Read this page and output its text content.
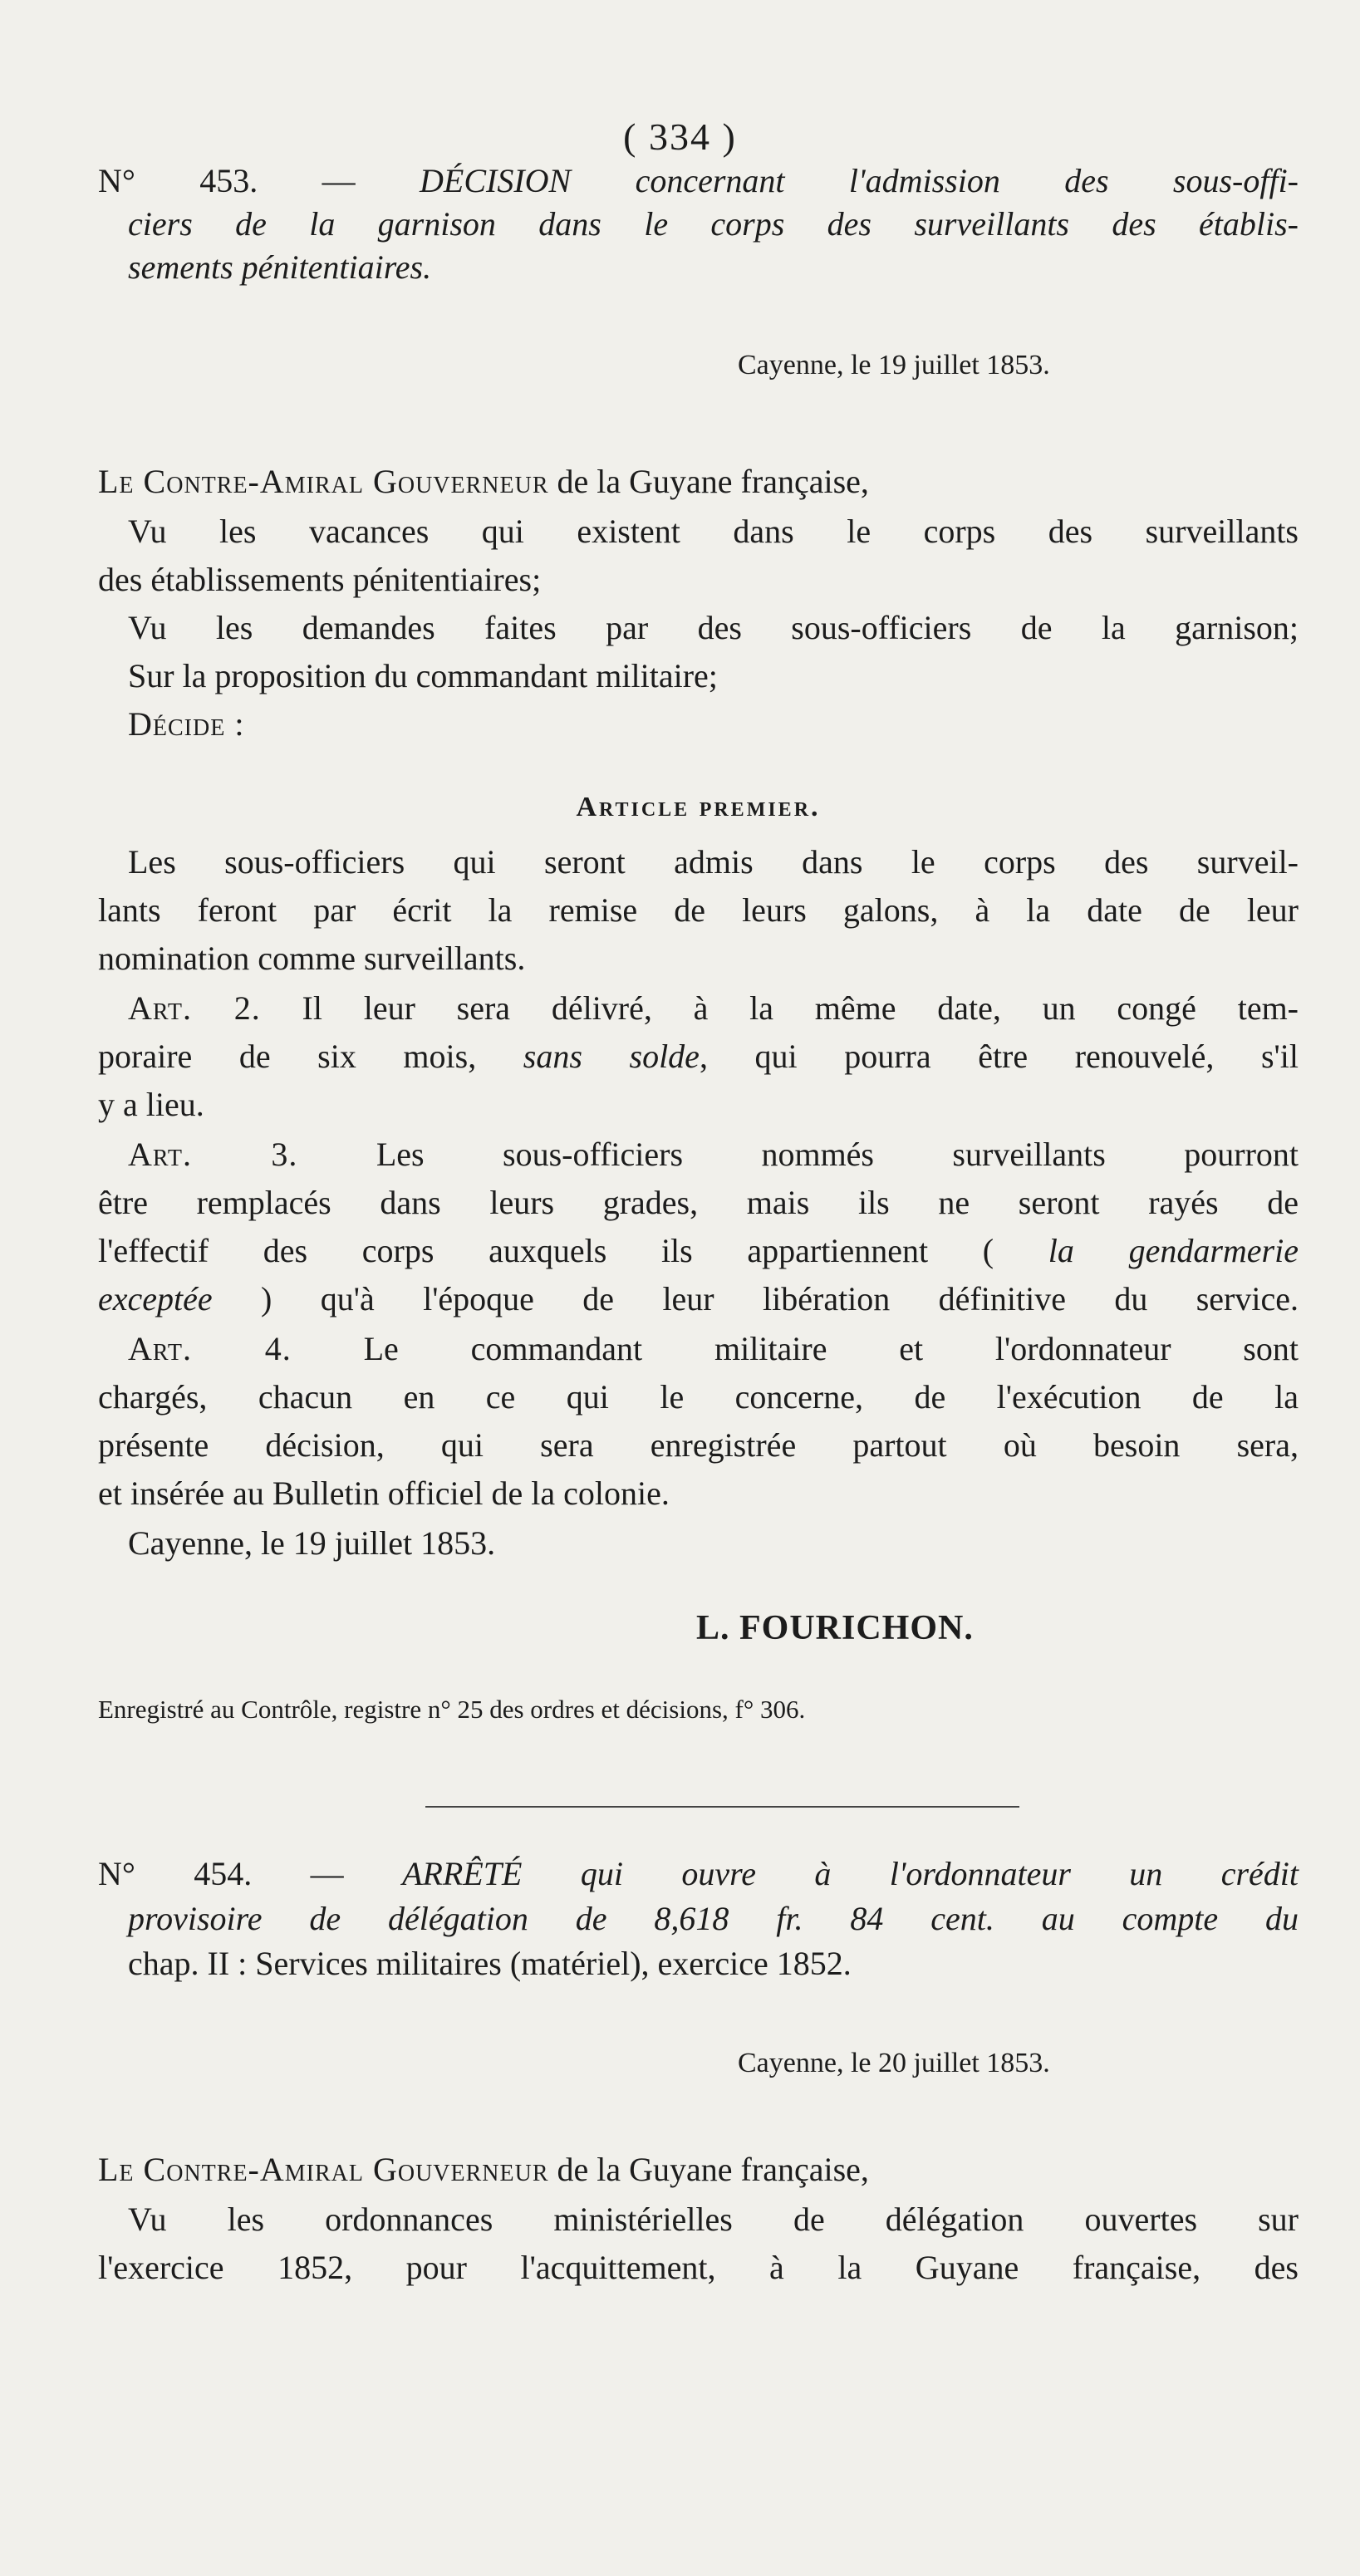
( 334 )
N° 453. — DÉCISION concernant l'admission des sous-offi-
ciers de la garnison dans le corps des surveillants des établis-
sements pénitentiaires.
Cayenne, le 19 juillet 1853.
Le Contre-Amiral Gouverneur de la Guyane française,
Vu les vacances qui existent dans le corps des surveillants
des établissements pénitentiaires;
Vu les demandes faites par des sous-officiers de la garnison;
Sur la proposition du commandant militaire;
Décide :
Article premier.
Les sous-officiers qui seront admis dans le corps des surveil-
lants feront par écrit la remise de leurs galons, à la date de leur
nomination comme surveillants.
Art. 2. Il leur sera délivré, à la même date, un congé tem-
poraire de six mois, sans solde, qui pourra être renouvelé, s'il
y a lieu.
Art. 3. Les sous-officiers nommés surveillants pourront
être remplacés dans leurs grades, mais ils ne seront rayés de
l'effectif des corps auxquels ils appartiennent ( la gendarmerie
exceptée ) qu'à l'époque de leur libération définitive du service.
Art. 4. Le commandant militaire et l'ordonnateur sont
chargés, chacun en ce qui le concerne, de l'exécution de la
présente décision, qui sera enregistrée partout où besoin sera,
et insérée au Bulletin officiel de la colonie.
Cayenne, le 19 juillet 1853.
L. FOURICHON.
Enregistré au Contrôle, registre n° 25 des ordres et décisions, f° 306.
N° 454. — ARRÊTÉ qui ouvre à l'ordonnateur un crédit
provisoire de délégation de 8,618 fr. 84 cent. au compte du
chap. II : Services militaires (matériel), exercice 1852.
Cayenne, le 20 juillet 1853.
Le Contre-Amiral Gouverneur de la Guyane française,
Vu les ordonnances ministérielles de délégation ouvertes sur
l'exercice 1852, pour l'acquittement, à la Guyane française, des
